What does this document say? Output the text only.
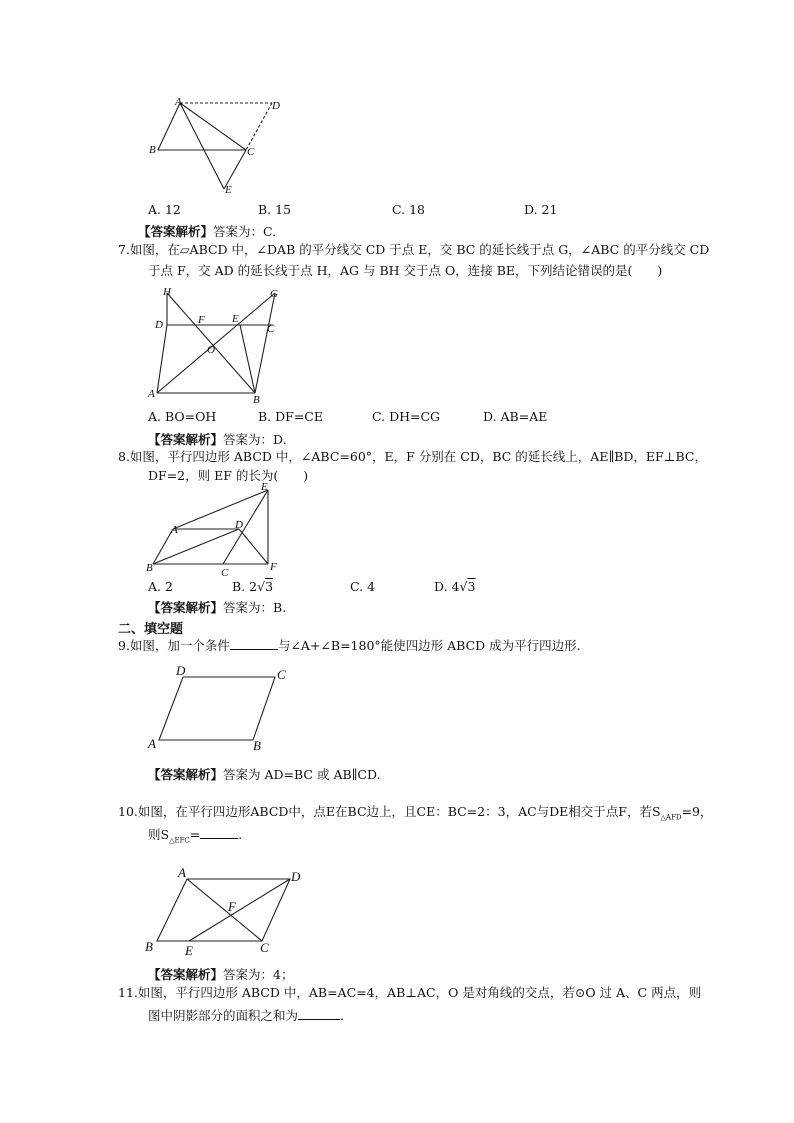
A	D
B	C
E
A. 12	B. 15	C. 18	D. 21
【答案解析】答案为：C.
7.如图，在▱ABCD 中，∠DAB 的平分线交 CD 于点 E，交 BC 的延长线于点 G，∠ABC 的平分线交 CD
于点 F，交 AD 的延长线于点 H，AG 与 BH 交于点 O，连接 BE，下列结论错误的是(　　)
H	G
D	F E
C
O
A	B
A. BO=OH	B. DF=CE	C. DH=CG	D. AB=AE
【答案解析】答案为：D.
8.如图，平行四边形 ABCD 中，∠ABC=60°，E，F 分别在 CD，BC 的延长线上，AE∥BD，EF⊥BC，
DF=2，则 EF 的长为(　　)
E
A	D
B	C	F
A. 2	B. 2√3	C. 4	D. 4√3
【答案解析】答案为：B.
二、填空题
9.如图，加一个条件	与∠A+∠B=180°能使四边形 ABCD 成为平行四边形.
D	C
A	B
【答案解析】答案为 AD=BC 或 AB∥CD.
10.如图，在平行四边形ABCD中，点E在BC边上，且CE：BC=2：3，AC与DE相交于点F，若$S_{\triangle AFD}=9$，
则$S_{\triangle EFC}=$	.
A	D
F
B E	C
【答案解析】答案为：4；
11.如图，平行四边形 ABCD 中，AB=AC=4，AB⊥AC，O 是对角线的交点，若⊙O 过 A、C 两点，则
图中阴影部分的面积之和为	.
